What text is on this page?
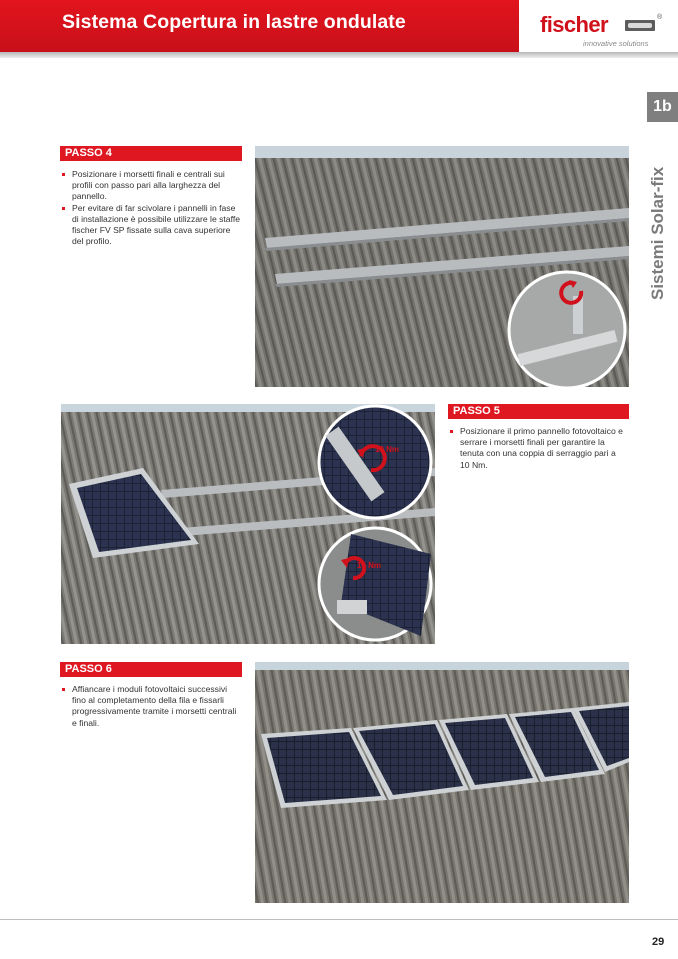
Sistema Copertura in lastre ondulate	fischer	®
innovative solutions
1b
Sistemi Solar-fix
PASSO 4
Posizionare i morsetti finali e centrali sui profili con passo pari alla larghezza del pannello.
Per evitare di far scivolare i pannelli in fase di installazione è possibile utilizzare le staffe fischer FV SP fissate sulla cava superiore del profilo.
10 Nm
10 Nm
PASSO 5
Posizionare il primo pannello fotovoltaico e serrare i morsetti finali per garantire la tenuta con una coppia di serraggio pari a 10 Nm.
PASSO 6
Affiancare i moduli fotovoltaici successivi fino al completamento della fila e fissarli progressivamente tramite i morsetti centrali e finali.
29
